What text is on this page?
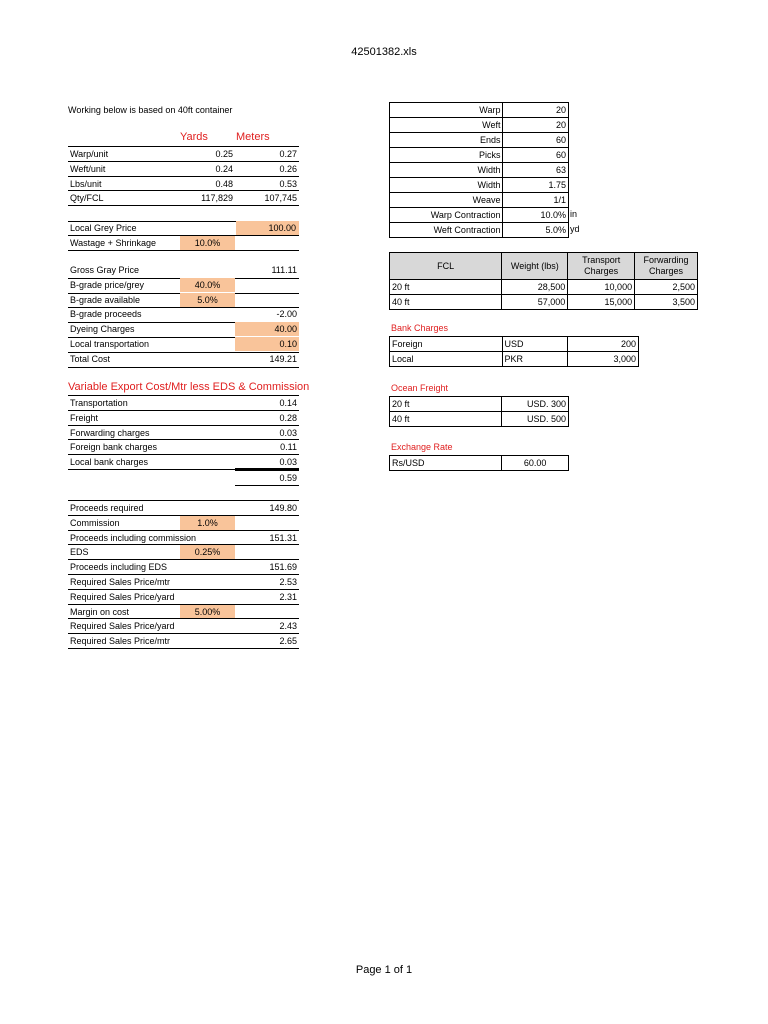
42501382.xls
Working below is based on 40ft container
Yards	Meters
Warp/unit	0.25	0.27
Weft/unit	0.24	0.26
Lbs/unit	0.48	0.53
Qty/FCL	117,829	107,745
Local Grey Price	100.00
Wastage + Shrinkage	10.0%
Gross Gray Price	111.11
B-grade price/grey	40.0%
B-grade available	5.0%
B-grade proceeds	-2.00
Dyeing Charges	40.00
Local transportation	0.10
Total Cost	149.21
Variable Export Cost/Mtr less EDS & Commission
Transportation	0.14
Freight	0.28
Forwarding charges	0.03
Foreign bank charges	0.11
Local bank charges	0.03
0.59
Proceeds required	149.80
Commission	1.0%
Proceeds including commission	151.31
EDS	0.25%
Proceeds including EDS	151.69
Required Sales Price/mtr	2.53
Required Sales Price/yard	2.31
Margin on cost	5.00%
Required Sales Price/yard	2.43
Required Sales Price/mtr	2.65
Warp	20
Weft	20
Ends	60
Picks	60
Width	63
Width	1.75
Weave	1/1
Warp Contraction	10.0%
Weft Contraction	5.0%
in
yd
FCL	Weight (lbs)	Transport Charges	Forwarding Charges
20 ft	28,500	10,000	2,500
40 ft	57,000	15,000	3,500
Bank Charges
Foreign	USD	200
Local	PKR	3,000
Ocean Freight
20 ft	USD. 300
40 ft	USD. 500
Exchange Rate
Rs/USD	60.00
Page 1 of 1
